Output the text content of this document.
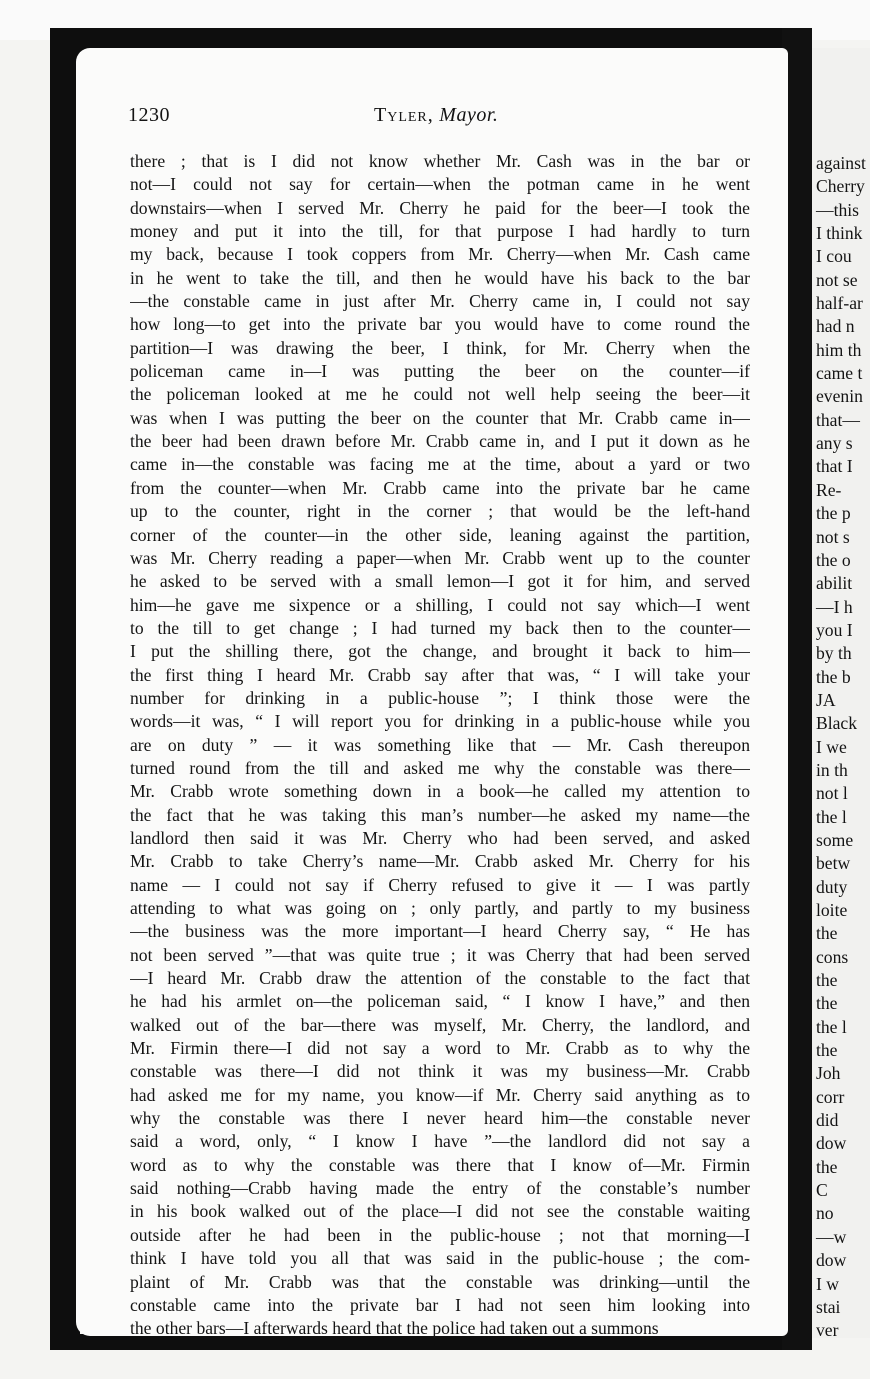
1230	Tyler, Mayor.
there ; that is I did not know whether Mr. Cash was in the bar or
not—I could not say for certain—when the potman came in he went
downstairs—when I served Mr. Cherry he paid for the beer—I took the
money and put it into the till, for that purpose I had hardly to turn
my back, because I took coppers from Mr. Cherry—when Mr. Cash came
in he went to take the till, and then he would have his back to the bar
—the constable came in just after Mr. Cherry came in, I could not say
how long—to get into the private bar you would have to come round the
partition—I was drawing the beer, I think, for Mr. Cherry when the
policeman came in—I was putting the beer on the counter—if
the policeman looked at me he could not well help seeing the beer—it
was when I was putting the beer on the counter that Mr. Crabb came in—
the beer had been drawn before Mr. Crabb came in, and I put it down as he
came in—the constable was facing me at the time, about a yard or two
from the counter—when Mr. Crabb came into the private bar he came
up to the counter, right in the corner ; that would be the left-hand
corner of the counter—in the other side, leaning against the partition,
was Mr. Cherry reading a paper—when Mr. Crabb went up to the counter
he asked to be served with a small lemon—I got it for him, and served
him—he gave me sixpence or a shilling, I could not say which—I went
to the till to get change ; I had turned my back then to the counter—
I put the shilling there, got the change, and brought it back to him—
the first thing I heard Mr. Crabb say after that was, “ I will take your
number for drinking in a public-house ”; I think those were the
words—it was, “ I will report you for drinking in a public-house while you
are on duty ” — it was something like that — Mr. Cash thereupon
turned round from the till and asked me why the constable was there—
Mr. Crabb wrote something down in a book—he called my attention to
the fact that he was taking this man’s number—he asked my name—the
landlord then said it was Mr. Cherry who had been served, and asked
Mr. Crabb to take Cherry’s name—Mr. Crabb asked Mr. Cherry for his
name — I could not say if Cherry refused to give it — I was partly
attending to what was going on ; only partly, and partly to my business
—the business was the more important—I heard Cherry say, “ He has
not been served ”—that was quite true ; it was Cherry that had been served
—I heard Mr. Crabb draw the attention of the constable to the fact that
he had his armlet on—the policeman said, “ I know I have,” and then
walked out of the bar—there was myself, Mr. Cherry, the landlord, and
Mr. Firmin there—I did not say a word to Mr. Crabb as to why the
constable was there—I did not think it was my business—Mr. Crabb
had asked me for my name, you know—if Mr. Cherry said anything as to
why the constable was there I never heard him—the constable never
said a word, only, “ I know I have ”—the landlord did not say a
word as to why the constable was there that I know of—Mr. Firmin
said nothing—Crabb having made the entry of the constable’s number
in his book walked out of the place—I did not see the constable waiting
outside after he had been in the public-house ; not that morning—I
think I have told you all that was said in the public-house ; the com-
plaint of Mr. Crabb was that the constable was drinking—until the
constable came into the private bar I had not seen him looking into
the other bars—I afterwards heard that the police had taken out a summons
against
Cherry
—this
I think
I cou
not se
half-ar
had n
him th
came t
evenin
that—
any s
that I
Re-
the p
not s
the o
abilit
—I h
you I
by th
the b
JA
Black
I we
in th
not l
the l
some
betw
duty
loite
the
cons
the
the
the l
the
Joh
corr
did
dow
the
C
no
—w
dow
I w
stai
ver
